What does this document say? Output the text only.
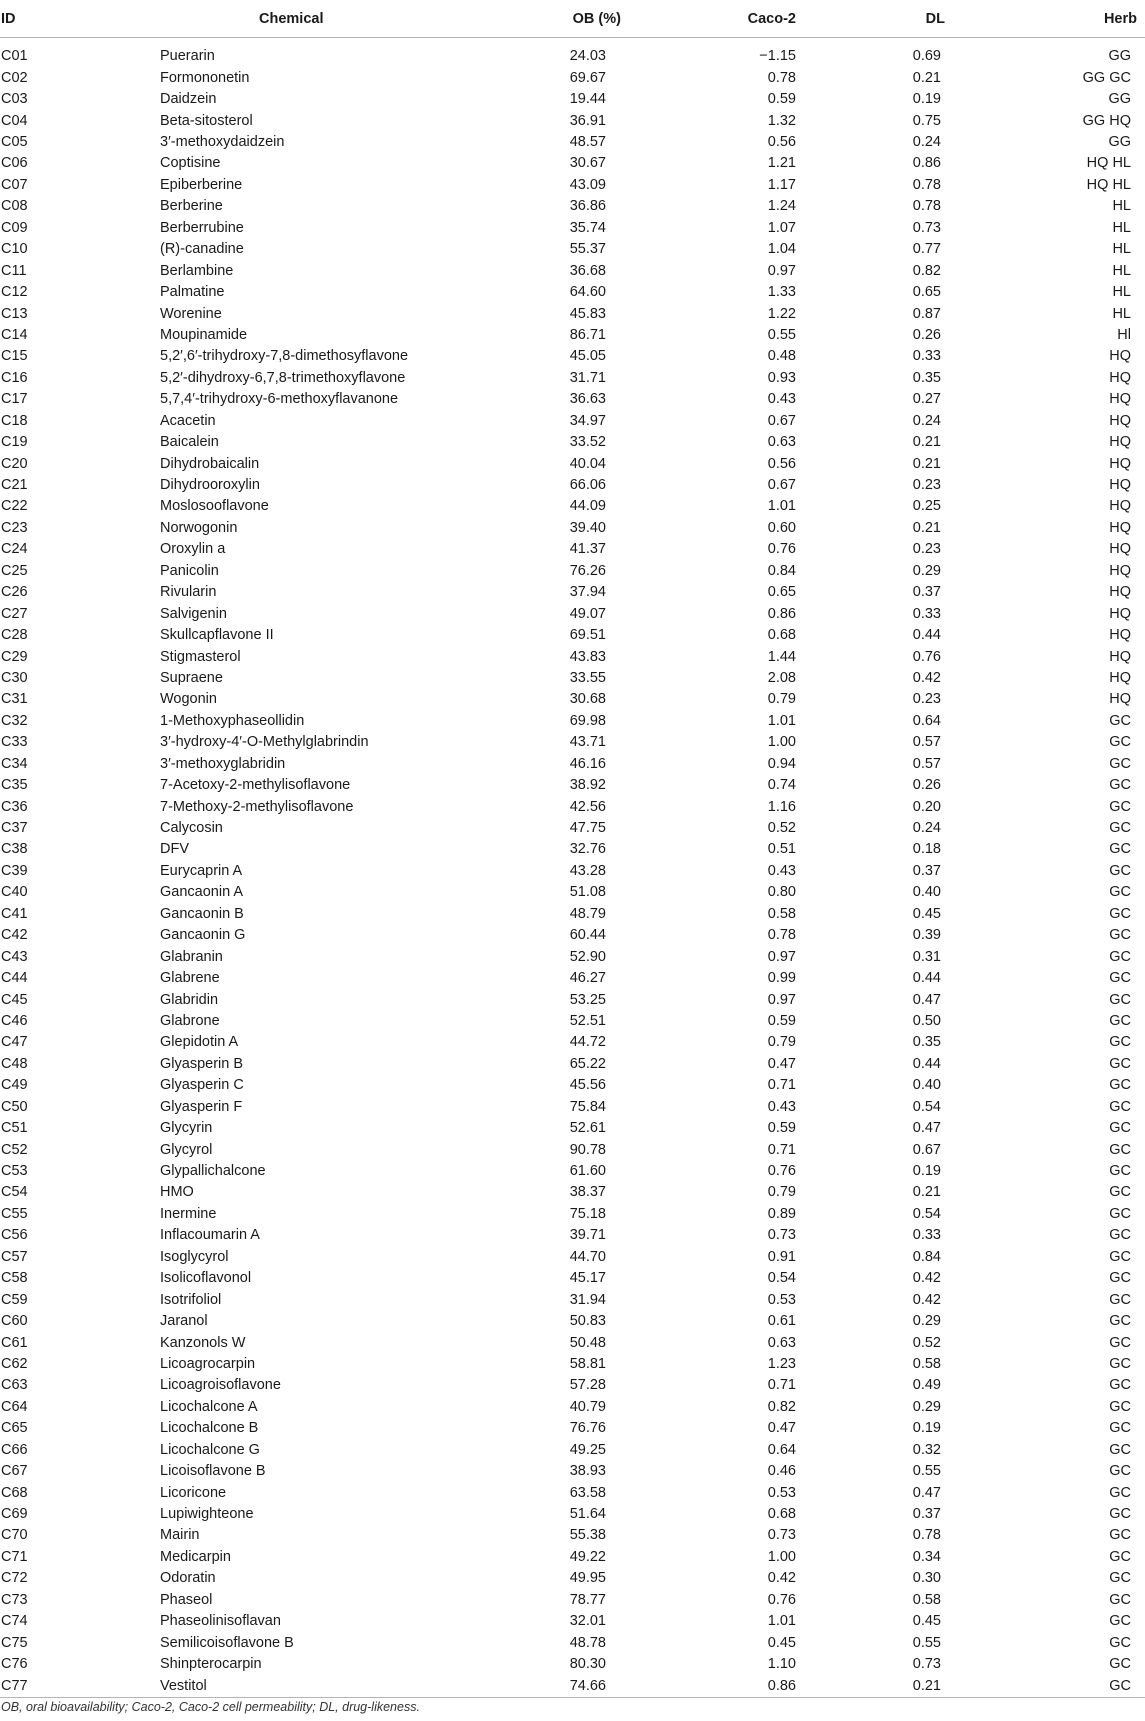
ID	Chemical	OB (%)	Caco-2	DL	Herb
C01	Puerarin	24.03	−1.15	0.69	GG
C02	Formononetin	69.67	0.78	0.21	GG GC
C03	Daidzein	19.44	0.59	0.19	GG
C04	Beta-sitosterol	36.91	1.32	0.75	GG HQ
C05	3′-methoxydaidzein	48.57	0.56	0.24	GG
C06	Coptisine	30.67	1.21	0.86	HQ HL
C07	Epiberberine	43.09	1.17	0.78	HQ HL
C08	Berberine	36.86	1.24	0.78	HL
C09	Berberrubine	35.74	1.07	0.73	HL
C10	(R)-canadine	55.37	1.04	0.77	HL
C11	Berlambine	36.68	0.97	0.82	HL
C12	Palmatine	64.60	1.33	0.65	HL
C13	Worenine	45.83	1.22	0.87	HL
C14	Moupinamide	86.71	0.55	0.26	Hl
C15	5,2′,6′-trihydroxy-7,8-dimethosyflavone	45.05	0.48	0.33	HQ
C16	5,2′-dihydroxy-6,7,8-trimethoxyflavone	31.71	0.93	0.35	HQ
C17	5,7,4′-trihydroxy-6-methoxyflavanone	36.63	0.43	0.27	HQ
C18	Acacetin	34.97	0.67	0.24	HQ
C19	Baicalein	33.52	0.63	0.21	HQ
C20	Dihydrobaicalin	40.04	0.56	0.21	HQ
C21	Dihydrooroxylin	66.06	0.67	0.23	HQ
C22	Moslosooflavone	44.09	1.01	0.25	HQ
C23	Norwogonin	39.40	0.60	0.21	HQ
C24	Oroxylin a	41.37	0.76	0.23	HQ
C25	Panicolin	76.26	0.84	0.29	HQ
C26	Rivularin	37.94	0.65	0.37	HQ
C27	Salvigenin	49.07	0.86	0.33	HQ
C28	Skullcapflavone II	69.51	0.68	0.44	HQ
C29	Stigmasterol	43.83	1.44	0.76	HQ
C30	Supraene	33.55	2.08	0.42	HQ
C31	Wogonin	30.68	0.79	0.23	HQ
C32	1-Methoxyphaseollidin	69.98	1.01	0.64	GC
C33	3′-hydroxy-4′-O-Methylglabrindin	43.71	1.00	0.57	GC
C34	3′-methoxyglabridin	46.16	0.94	0.57	GC
C35	7-Acetoxy-2-methylisoflavone	38.92	0.74	0.26	GC
C36	7-Methoxy-2-methylisoflavone	42.56	1.16	0.20	GC
C37	Calycosin	47.75	0.52	0.24	GC
C38	DFV	32.76	0.51	0.18	GC
C39	Eurycaprin A	43.28	0.43	0.37	GC
C40	Gancaonin A	51.08	0.80	0.40	GC
C41	Gancaonin B	48.79	0.58	0.45	GC
C42	Gancaonin G	60.44	0.78	0.39	GC
C43	Glabranin	52.90	0.97	0.31	GC
C44	Glabrene	46.27	0.99	0.44	GC
C45	Glabridin	53.25	0.97	0.47	GC
C46	Glabrone	52.51	0.59	0.50	GC
C47	Glepidotin A	44.72	0.79	0.35	GC
C48	Glyasperin B	65.22	0.47	0.44	GC
C49	Glyasperin C	45.56	0.71	0.40	GC
C50	Glyasperin F	75.84	0.43	0.54	GC
C51	Glycyrin	52.61	0.59	0.47	GC
C52	Glycyrol	90.78	0.71	0.67	GC
C53	Glypallichalcone	61.60	0.76	0.19	GC
C54	HMO	38.37	0.79	0.21	GC
C55	Inermine	75.18	0.89	0.54	GC
C56	Inflacoumarin A	39.71	0.73	0.33	GC
C57	Isoglycyrol	44.70	0.91	0.84	GC
C58	Isolicoflavonol	45.17	0.54	0.42	GC
C59	Isotrifoliol	31.94	0.53	0.42	GC
C60	Jaranol	50.83	0.61	0.29	GC
C61	Kanzonols W	50.48	0.63	0.52	GC
C62	Licoagrocarpin	58.81	1.23	0.58	GC
C63	Licoagroisoflavone	57.28	0.71	0.49	GC
C64	Licochalcone A	40.79	0.82	0.29	GC
C65	Licochalcone B	76.76	0.47	0.19	GC
C66	Licochalcone G	49.25	0.64	0.32	GC
C67	Licoisoflavone B	38.93	0.46	0.55	GC
C68	Licoricone	63.58	0.53	0.47	GC
C69	Lupiwighteone	51.64	0.68	0.37	GC
C70	Mairin	55.38	0.73	0.78	GC
C71	Medicarpin	49.22	1.00	0.34	GC
C72	Odoratin	49.95	0.42	0.30	GC
C73	Phaseol	78.77	0.76	0.58	GC
C74	Phaseolinisoflavan	32.01	1.01	0.45	GC
C75	Semilicoisoflavone B	48.78	0.45	0.55	GC
C76	Shinpterocarpin	80.30	1.10	0.73	GC
C77	Vestitol	74.66	0.86	0.21	GC
OB, oral bioavailability; Caco-2, Caco-2 cell permeability; DL, drug-likeness.
